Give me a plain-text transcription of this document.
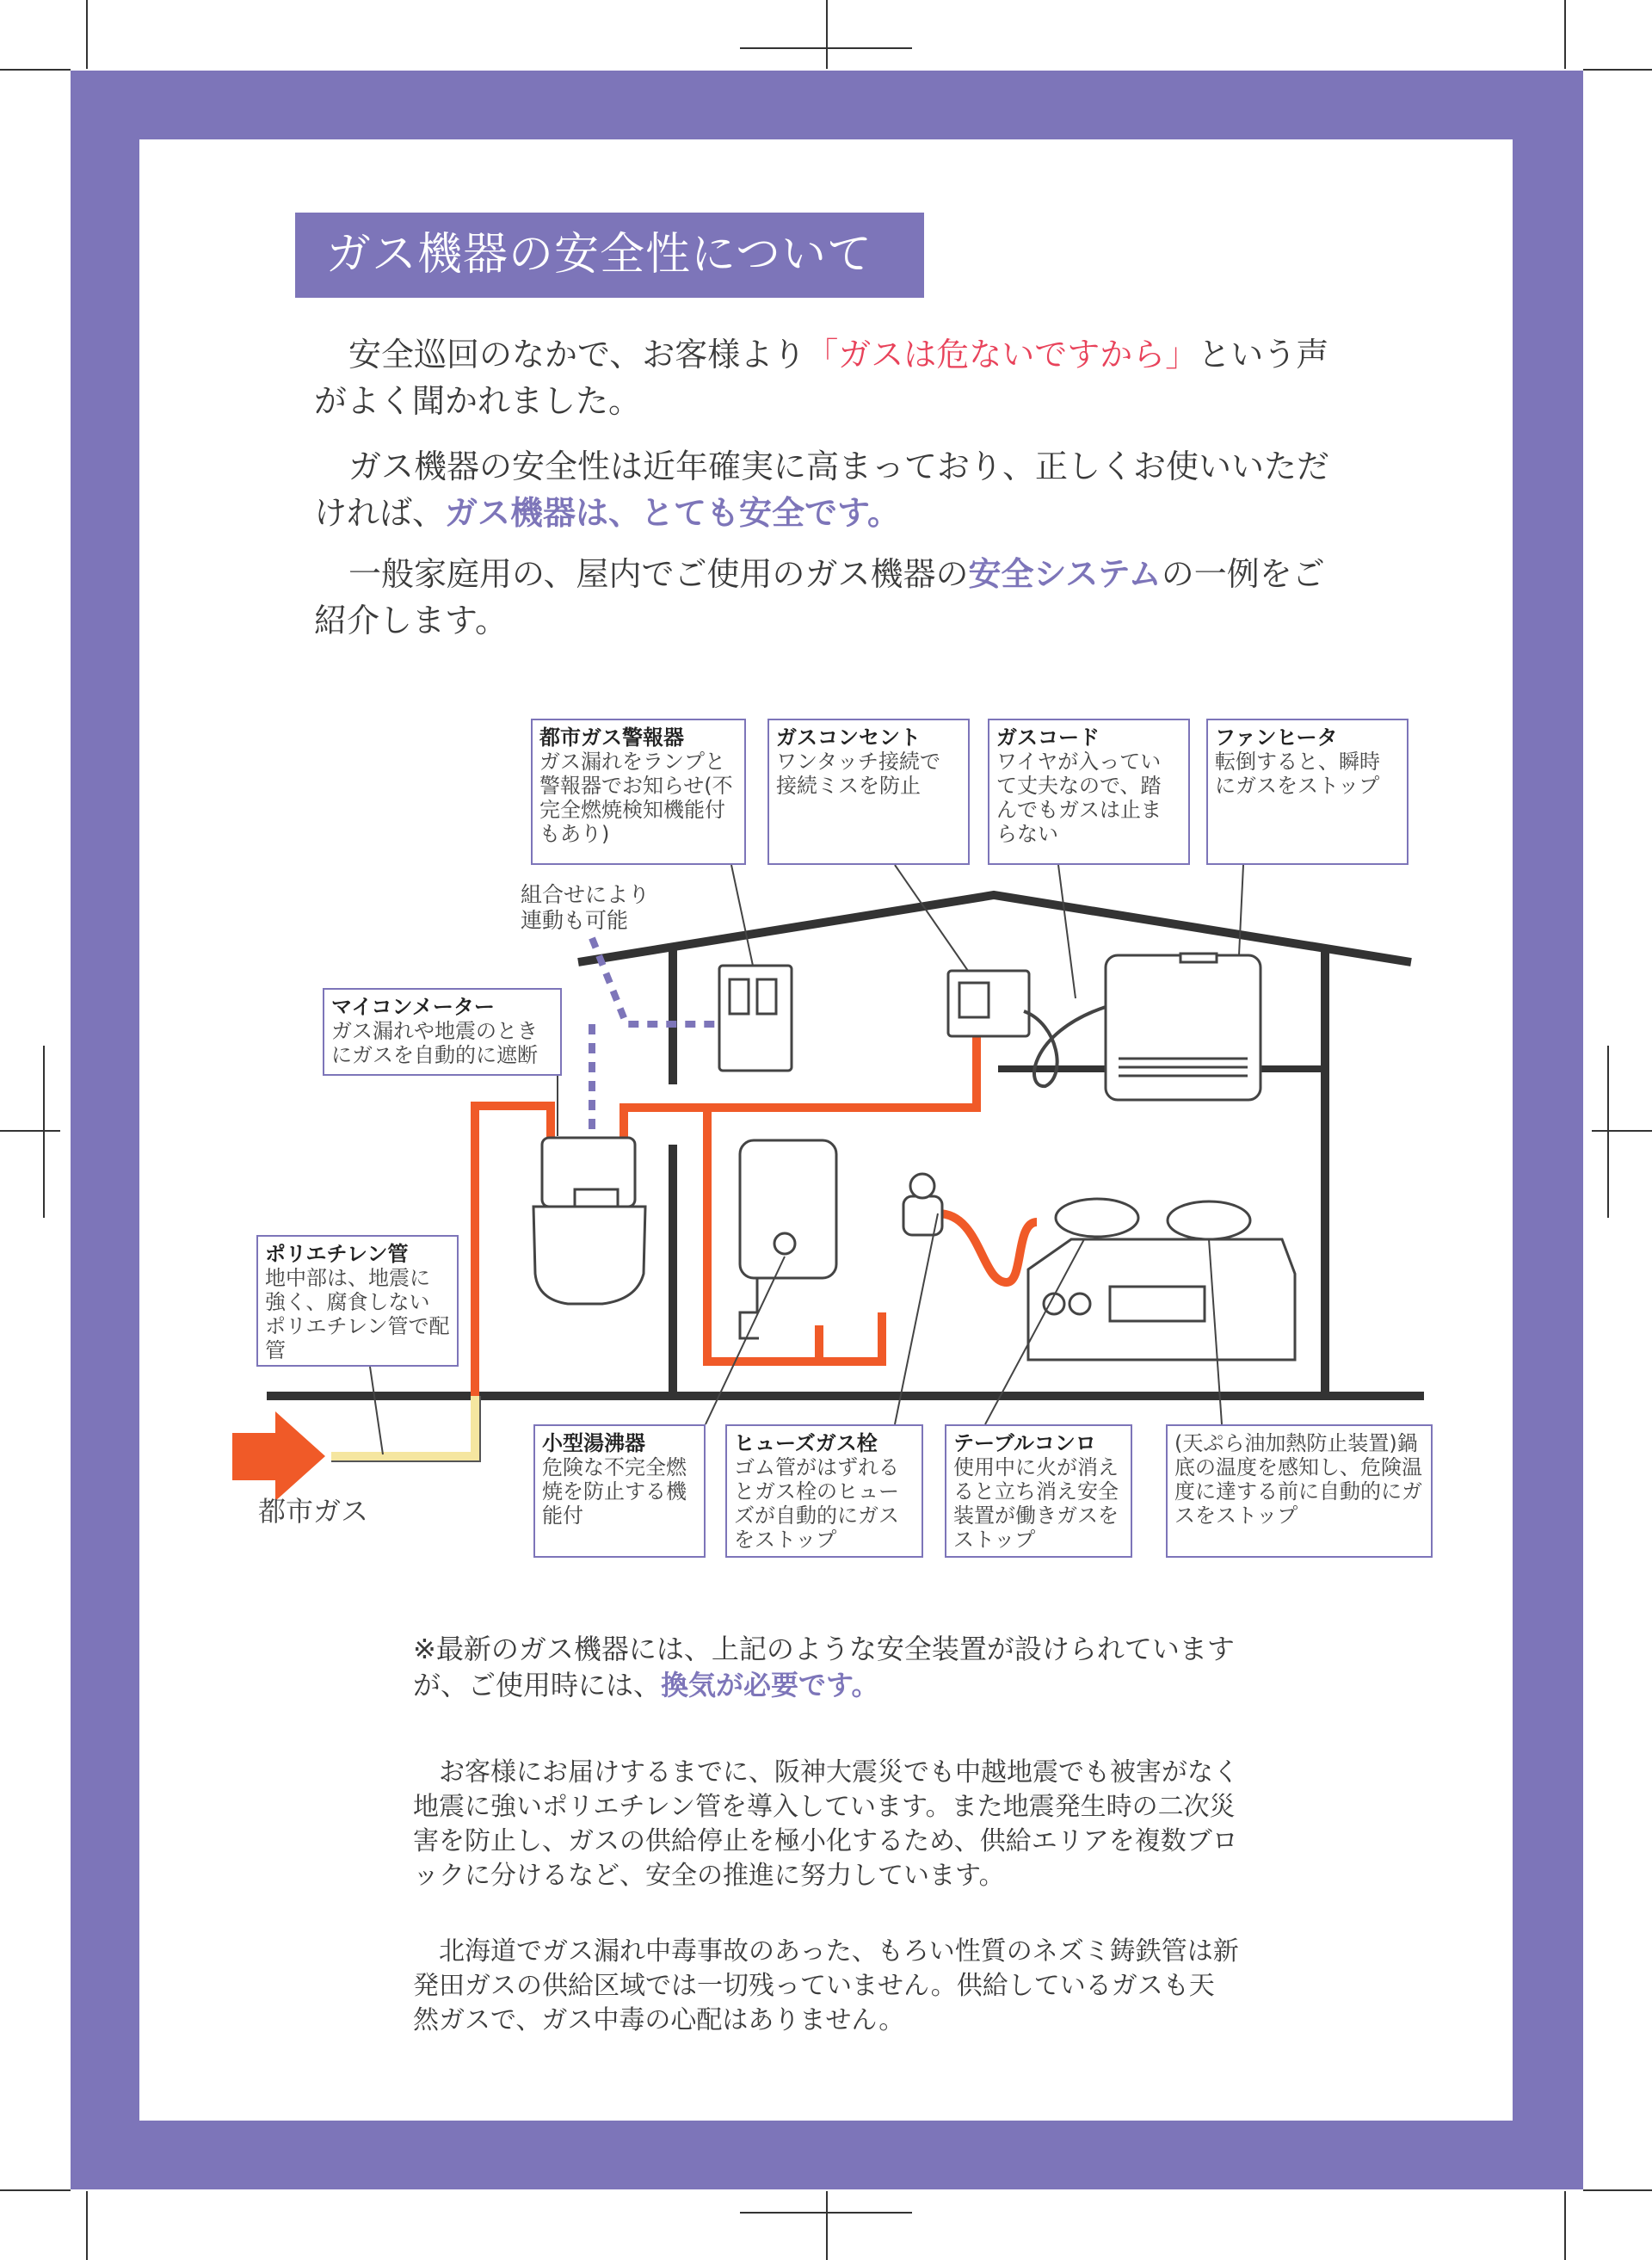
ガス機器の安全性について
安全巡回のなかで、お客様より「ガスは危ないですから」という声がよく聞かれました。
ガス機器の安全性は近年確実に高まっており、正しくお使いいただければ、ガス機器は、とても安全です。
一般家庭用の、屋内でご使用のガス機器の安全システムの一例をご紹介します。
都市ガス警報器
ガス漏れをランプと警報器でお知らせ(不完全燃焼検知機能付もあり)
ガスコンセント
ワンタッチ接続で接続ミスを防止
ガスコード
ワイヤが入っていて丈夫なので、踏んでもガスは止まらない
ファンヒータ
転倒すると、瞬時にガスをストップ
マイコンメーター
ガス漏れや地震のときにガスを自動的に遮断
ポリエチレン管
地中部は、地震に強く、腐食しないポリエチレン管で配管
小型湯沸器
危険な不完全燃焼を防止する機能付
ヒューズガス栓
ゴム管がはずれるとガス栓のヒューズが自動的にガスをストップ
テーブルコンロ
使用中に火が消えると立ち消え安全装置が働きガスをストップ
(天ぷら油加熱防止装置)鍋底の温度を感知し、危険温度に達する前に自動的にガスをストップ
組合せにより連動も可能
都市ガス
※最新のガス機器には、上記のような安全装置が設けられていますが、ご使用時には、換気が必要です。
お客様にお届けするまでに、阪神大震災でも中越地震でも被害がなく地震に強いポリエチレン管を導入しています。また地震発生時の二次災害を防止し、ガスの供給停止を極小化するため、供給エリアを複数ブロックに分けるなど、安全の推進に努力しています。
北海道でガス漏れ中毒事故のあった、もろい性質のネズミ鋳鉄管は新発田ガスの供給区域では一切残っていません。供給しているガスも天然ガスで、ガス中毒の心配はありません。
